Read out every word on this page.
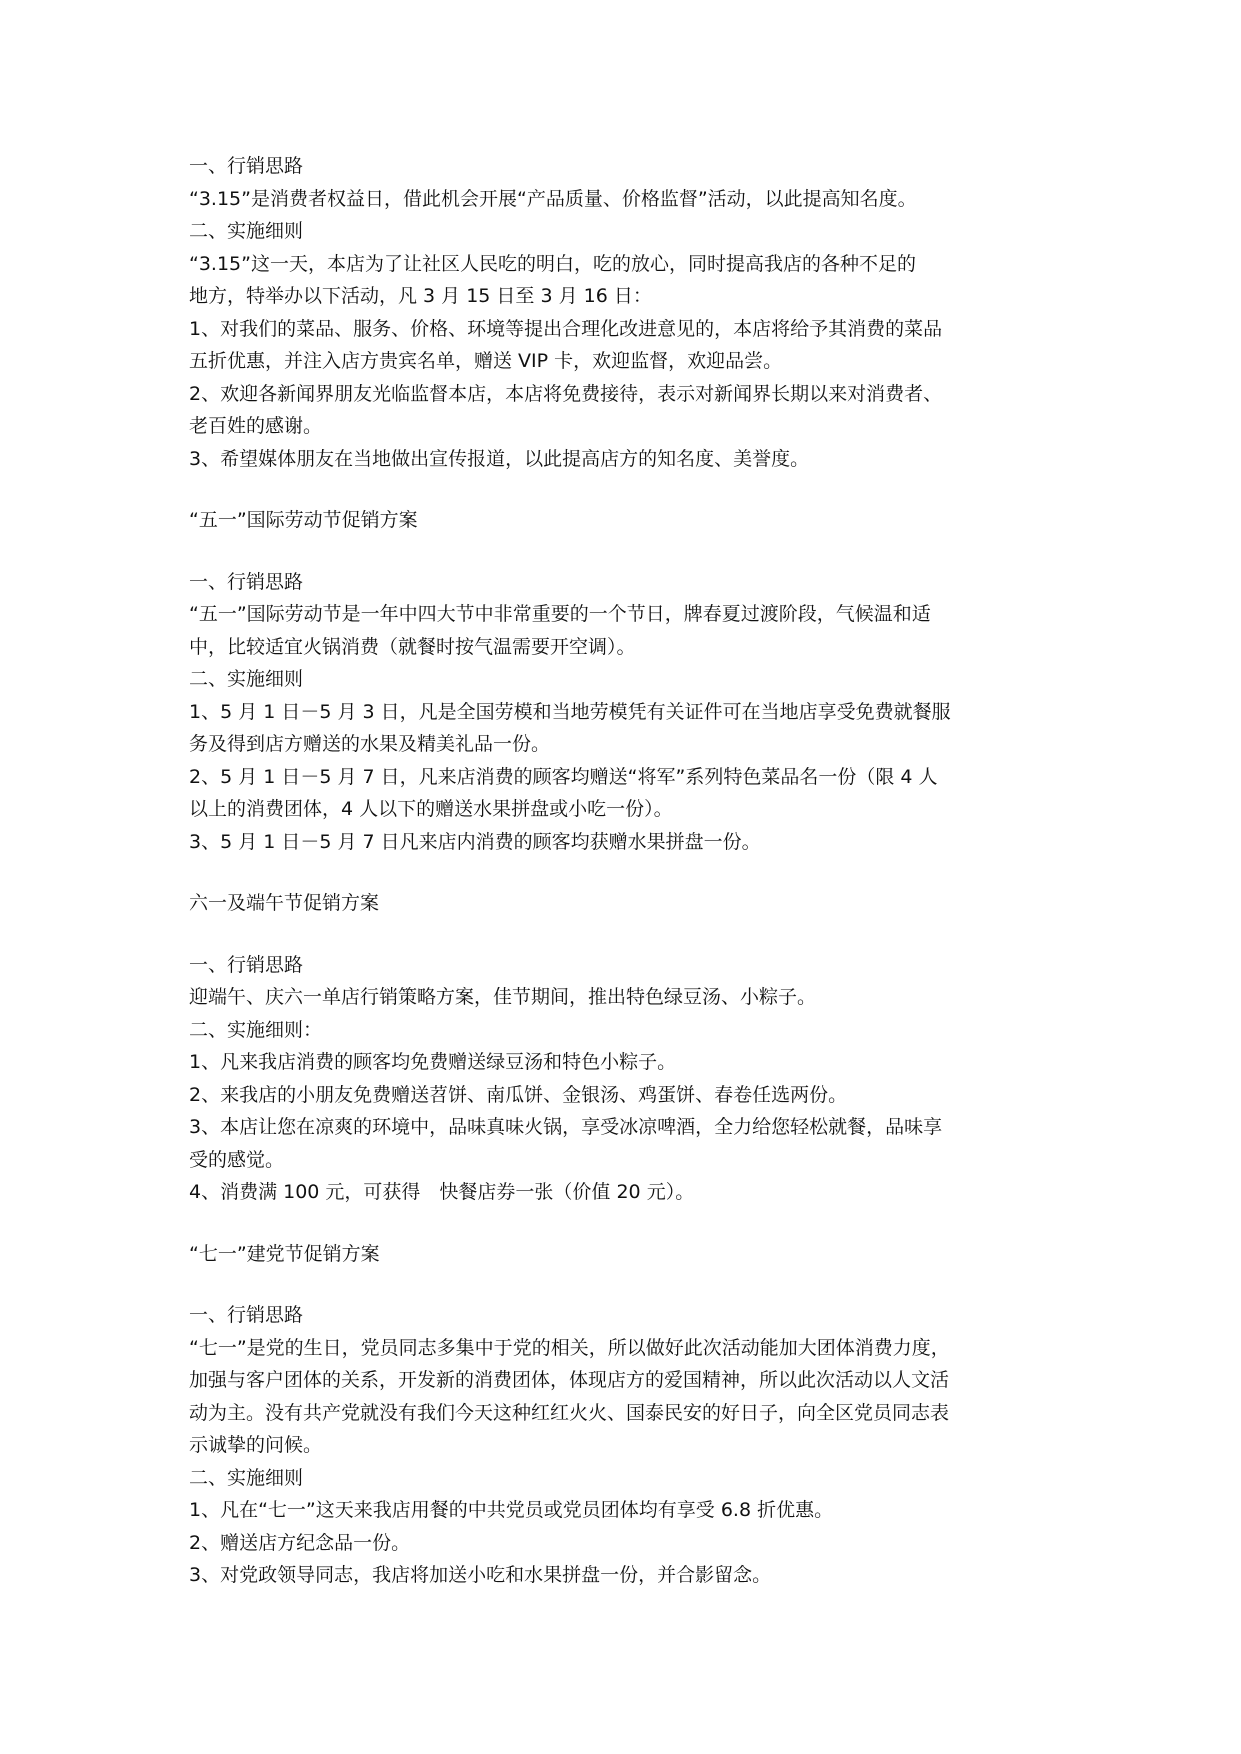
一、行销思路
“3.15”是消费者权益日，借此机会开展“产品质量、价格监督”活动，以此提高知名度。
二、实施细则
“3.15”这一天，本店为了让社区人民吃的明白，吃的放心，同时提高我店的各种不足的
地方，特举办以下活动，凡 3 月 15 日至 3 月 16 日：
1、对我们的菜品、服务、价格、环境等提出合理化改进意见的，本店将给予其消费的菜品
五折优惠，并注入店方贵宾名单，赠送 VIP 卡，欢迎监督，欢迎品尝。
2、欢迎各新闻界朋友光临监督本店，本店将免费接待，表示对新闻界长期以来对消费者、
老百姓的感谢。
3、希望媒体朋友在当地做出宣传报道，以此提高店方的知名度、美誉度。
“五一”国际劳动节促销方案
一、行销思路
“五一”国际劳动节是一年中四大节中非常重要的一个节日，牌春夏过渡阶段，气候温和适
中，比较适宜火锅消费（就餐时按气温需要开空调）。
二、实施细则
1、5 月 1 日－5 月 3 日，凡是全国劳模和当地劳模凭有关证件可在当地店享受免费就餐服
务及得到店方赠送的水果及精美礼品一份。
2、5 月 1 日－5 月 7 日，凡来店消费的顾客均赠送“将军”系列特色菜品名一份（限 4 人
以上的消费团体，4 人以下的赠送水果拼盘或小吃一份）。
3、5 月 1 日－5 月 7 日凡来店内消费的顾客均获赠水果拼盘一份。
六一及端午节促销方案
一、行销思路
迎端午、庆六一单店行销策略方案，佳节期间，推出特色绿豆汤、小粽子。
二、实施细则：
1、凡来我店消费的顾客均免费赠送绿豆汤和特色小粽子。
2、来我店的小朋友免费赠送苕饼、南瓜饼、金银汤、鸡蛋饼、春卷任选两份。
3、本店让您在凉爽的环境中，品味真味火锅，享受冰凉啤酒，全力给您轻松就餐，品味享
受的感觉。
4、消费满 100 元，可获得　快餐店券一张（价值 20 元）。
“七一”建党节促销方案
一、行销思路
“七一”是党的生日，党员同志多集中于党的相关，所以做好此次活动能加大团体消费力度，
加强与客户团体的关系，开发新的消费团体，体现店方的爱国精神，所以此次活动以人文活
动为主。没有共产党就没有我们今天这种红红火火、国泰民安的好日子，向全区党员同志表
示诚挚的问候。
二、实施细则
1、凡在“七一”这天来我店用餐的中共党员或党员团体均有享受 6.8 折优惠。
2、赠送店方纪念品一份。
3、对党政领导同志，我店将加送小吃和水果拼盘一份，并合影留念。
